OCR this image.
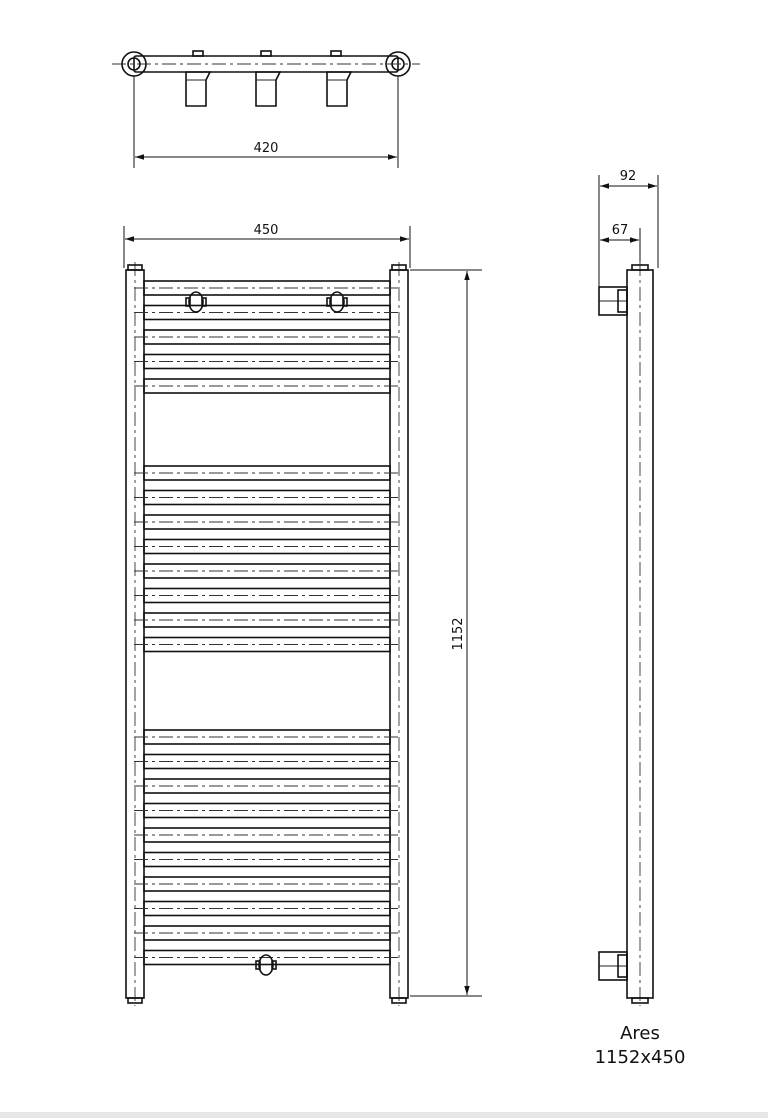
420
450
1152
92
67
Ares
1152x450
